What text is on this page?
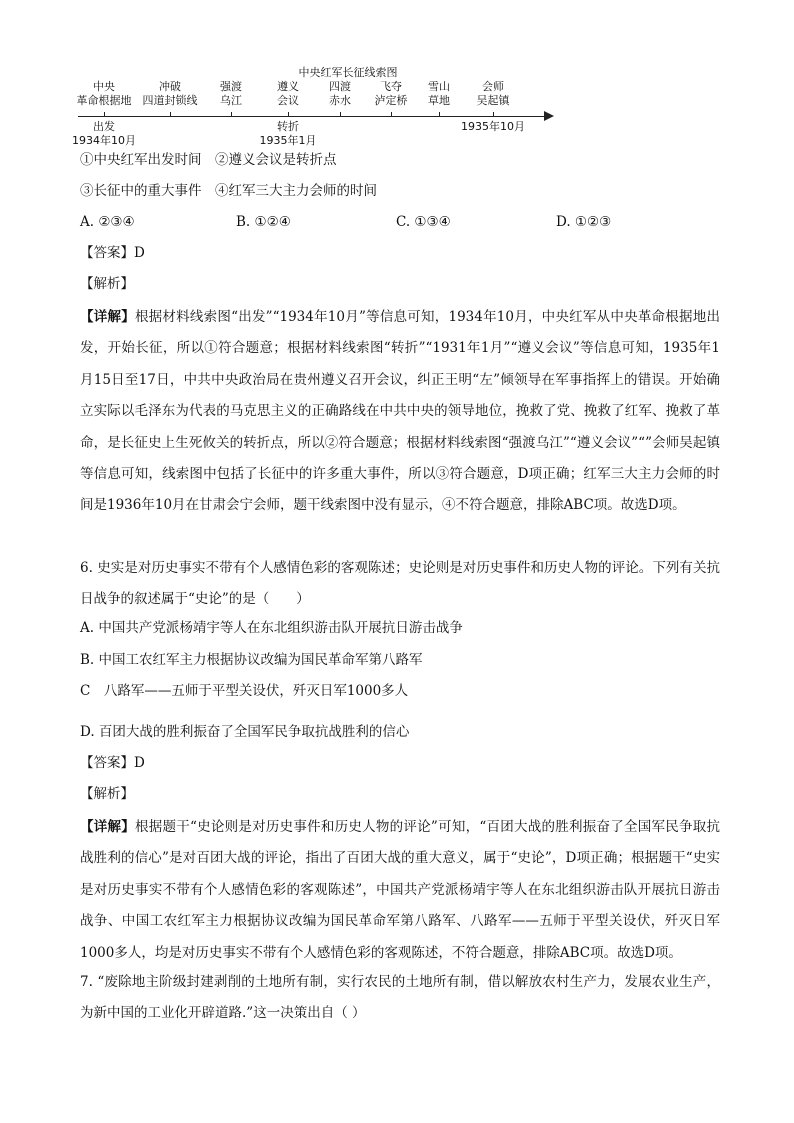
中央红军长征线索图
中央
革命根据地
冲破
四道封锁线
强渡
乌江
遵义
会议
四渡
赤水
飞夺
泸定桥
雪山
草地
会师
吴起镇
出发
1934年10月
转折
1935年1月
1935年10月
①中央红军出发时间　②遵义会议是转折点
③长征中的重大事件　④红军三大主力会师的时间
A. ②③④	B. ①②④	C. ①③④	D. ①②③
【答案】D
【解析】
【详解】根据材料线索图“出发”“1934年10月”等信息可知，1934年10月，中央红军从中央革命根据地出发，开始长征，所以①符合题意；根据材料线索图“转折”“1931年1月”“遵义会议”等信息可知，1935年1月15日至17日，中共中央政治局在贵州遵义召开会议，纠正王明“左”倾领导在军事指挥上的错误。开始确立实际以毛泽东为代表的马克思主义的正确路线在中共中央的领导地位，挽救了党、挽救了红军、挽救了革命，是长征史上生死攸关的转折点，所以②符合题意；根据材料线索图“强渡乌江”“遵义会议”“”会师吴起镇等信息可知，线索图中包括了长征中的许多重大事件，所以③符合题意，D项正确；红军三大主力会师的时间是1936年10月在甘肃会宁会师，题干线索图中没有显示，④不符合题意，排除ABC项。故选D项。
6. 史实是对历史事实不带有个人感情色彩的客观陈述；史论则是对历史事件和历史人物的评论。下列有关抗日战争的叙述属于“史论”的是（　　）
A. 中国共产党派杨靖宇等人在东北组织游击队开展抗日游击战争
B. 中国工农红军主力根据协议改编为国民革命军第八路军
C　八路军——五师于平型关设伏，歼灭日军1000多人
D. 百团大战的胜利振奋了全国军民争取抗战胜利的信心
【答案】D
【解析】
【详解】根据题干“史论则是对历史事件和历史人物的评论”可知，“百团大战的胜利振奋了全国军民争取抗战胜利的信心”是对百团大战的评论，指出了百团大战的重大意义，属于“史论”，D项正确；根据题干“史实是对历史事实不带有个人感情色彩的客观陈述”，中国共产党派杨靖宇等人在东北组织游击队开展抗日游击战争、中国工农红军主力根据协议改编为国民革命军第八路军、八路军——五师于平型关设伏，歼灭日军1000多人，均是对历史事实不带有个人感情色彩的客观陈述，不符合题意，排除ABC项。故选D项。
7. “废除地主阶级封建剥削的土地所有制，实行农民的土地所有制，借以解放农村生产力，发展农业生产，为新中国的工业化开辟道路.”这一决策出自（ ）
